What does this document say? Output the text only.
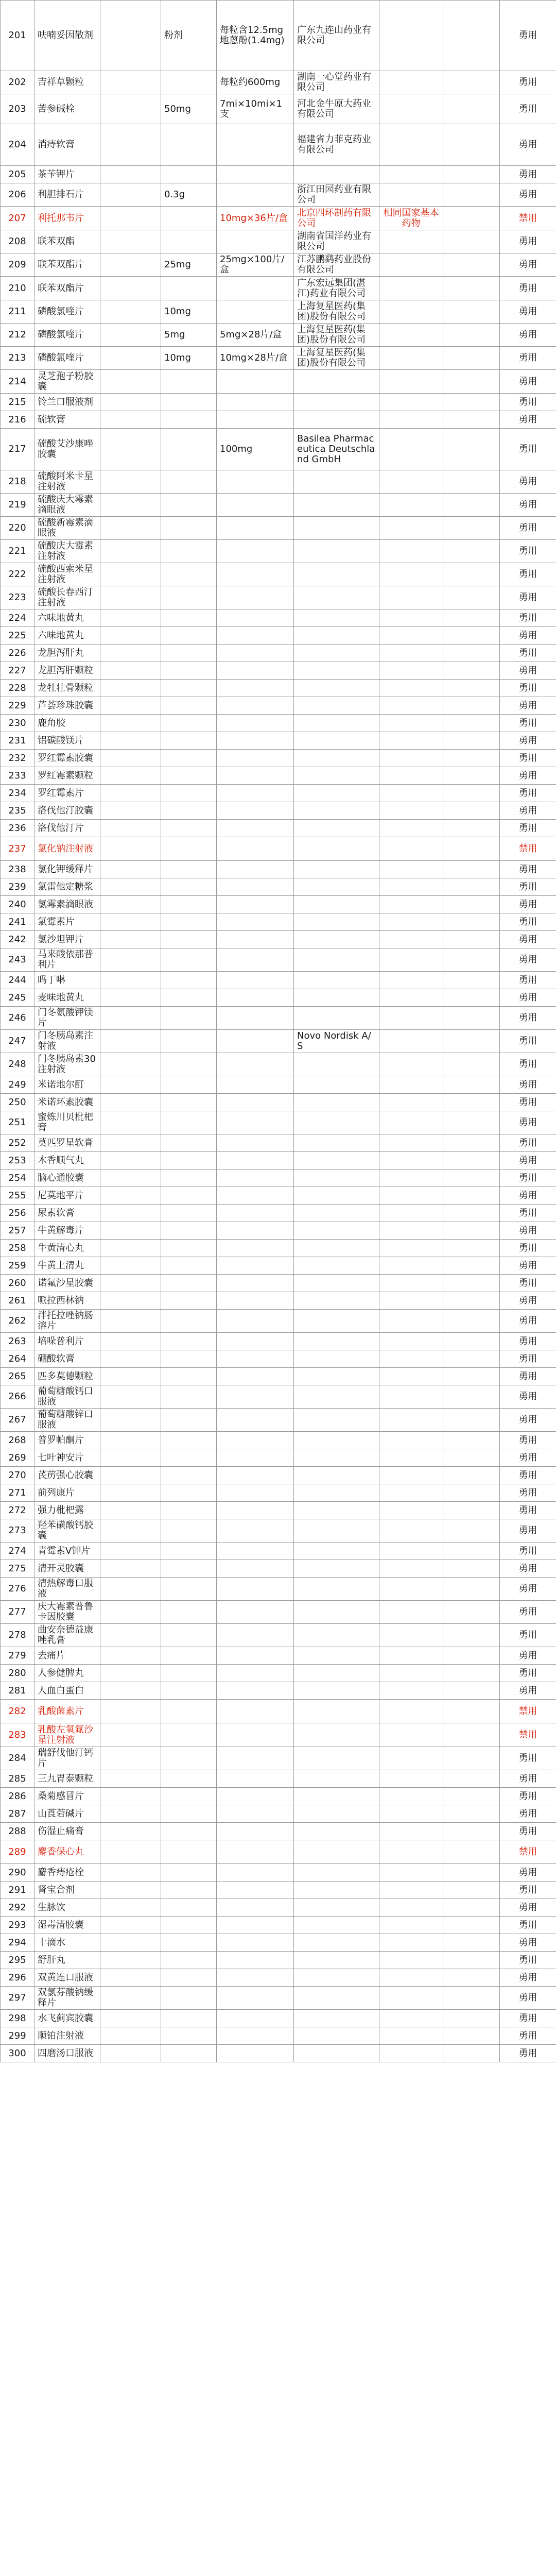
201	呋喃妥因散剂		粉剂	每粒含12.5mg地蒽酚(1.4mg)	广东九连山药业有限公司			勇用
202	吉祥草颗粒			每粒约600mg	湖南一心堂药业有限公司			勇用
203	苦参碱栓		50mg	7mi×10mi×1支	河北金牛原大药业有限公司			勇用
204	消痔软膏				福建省力菲克药业有限公司			勇用
205	茶苄钾片							勇用
206	利胆排石片		0.3g		浙江田园药业有限公司			勇用
207	利托那韦片			10mg×36片/盒	北京四环制药有限公司	相同国家基本药物		禁用
208	联苯双酯				湖南省国洋药业有限公司			勇用
209	联苯双酯片		25mg	25mg×100片/盒	江苏鹏鹞药业股份有限公司			勇用
210	联苯双酯片				广东宏远集团(湛江)药业有限公司			勇用
211	磷酸氯喹片		10mg		上海复星医药(集团)股份有限公司			勇用
212	磷酸氯喹片		5mg	5mg×28片/盒	上海复星医药(集团)股份有限公司			勇用
213	磷酸氯喹片		10mg	10mg×28片/盒	上海复星医药(集团)股份有限公司			勇用
214	灵芝孢子粉胶囊							勇用
215	铃兰口服液剂							勇用
216	硫软膏							勇用
217	硫酸艾沙康唑胶囊			100mg	Basilea Pharmaceutica Deutschland GmbH			勇用
218	硫酸阿米卡星注射液							勇用
219	硫酸庆大霉素滴眼液							勇用
220	硫酸新霉素滴眼液							勇用
221	硫酸庆大霉素注射液							勇用
222	硫酸西索米星注射液							勇用
223	硫酸长春西汀注射液							勇用
224	六味地黄丸							勇用
225	六味地黄丸							勇用
226	龙胆泻肝丸							勇用
227	龙胆泻肝颗粒							勇用
228	龙牡壮骨颗粒							勇用
229	芦荟珍珠胶囊							勇用
230	鹿角胶							勇用
231	铝碳酸镁片							勇用
232	罗红霉素胶囊							勇用
233	罗红霉素颗粒							勇用
234	罗红霉素片							勇用
235	洛伐他汀胶囊							勇用
236	洛伐他汀片							勇用
237	氯化钠注射液							禁用
238	氯化钾缓释片							勇用
239	氯雷他定糖浆							勇用
240	氯霉素滴眼液							勇用
241	氯霉素片							勇用
242	氯沙坦钾片							勇用
243	马来酸依那普利片							勇用
244	吗丁啉							勇用
245	麦味地黄丸							勇用
246	门冬氨酸钾镁片							勇用
247	门冬胰岛素注射液				Novo Nordisk A/S			勇用
248	门冬胰岛素30注射液							勇用
249	米诺地尔酊							勇用
250	米诺环素胶囊							勇用
251	蜜炼川贝枇杷膏							勇用
252	莫匹罗星软膏							勇用
253	木香顺气丸							勇用
254	脑心通胶囊							勇用
255	尼莫地平片							勇用
256	尿素软膏							勇用
257	牛黄解毒片							勇用
258	牛黄清心丸							勇用
259	牛黄上清丸							勇用
260	诺氟沙星胶囊							勇用
261	哌拉西林钠							勇用
262	泮托拉唑钠肠溶片							勇用
263	培哚普利片							勇用
264	硼酸软膏							勇用
265	匹多莫德颗粒							勇用
266	葡萄糖酸钙口服液							勇用
267	葡萄糖酸锌口服液							勇用
268	普罗帕酮片							勇用
269	七叶神安片							勇用
270	芪苈强心胶囊							勇用
271	前列康片							勇用
272	强力枇杷露							勇用
273	羟苯磺酸钙胶囊							勇用
274	青霉素V钾片							勇用
275	清开灵胶囊							勇用
276	清热解毒口服液							勇用
277	庆大霉素普鲁卡因胶囊							勇用
278	曲安奈德益康唑乳膏							勇用
279	去痛片							勇用
280	人参健脾丸							勇用
281	人血白蛋白							勇用
282	乳酸菌素片							禁用
283	乳酸左氧氟沙星注射液							禁用
284	瑞舒伐他汀钙片							勇用
285	三九胃泰颗粒							勇用
286	桑菊感冒片							勇用
287	山莨菪碱片							勇用
288	伤湿止痛膏							勇用
289	麝香保心丸							禁用
290	麝香痔疮栓							勇用
291	肾宝合剂							勇用
292	生脉饮							勇用
293	湿毒清胶囊							勇用
294	十滴水							勇用
295	舒肝丸							勇用
296	双黄连口服液							勇用
297	双氯芬酸钠缓释片							勇用
298	水飞蓟宾胶囊							勇用
299	顺铂注射液							勇用
300	四磨汤口服液							勇用
